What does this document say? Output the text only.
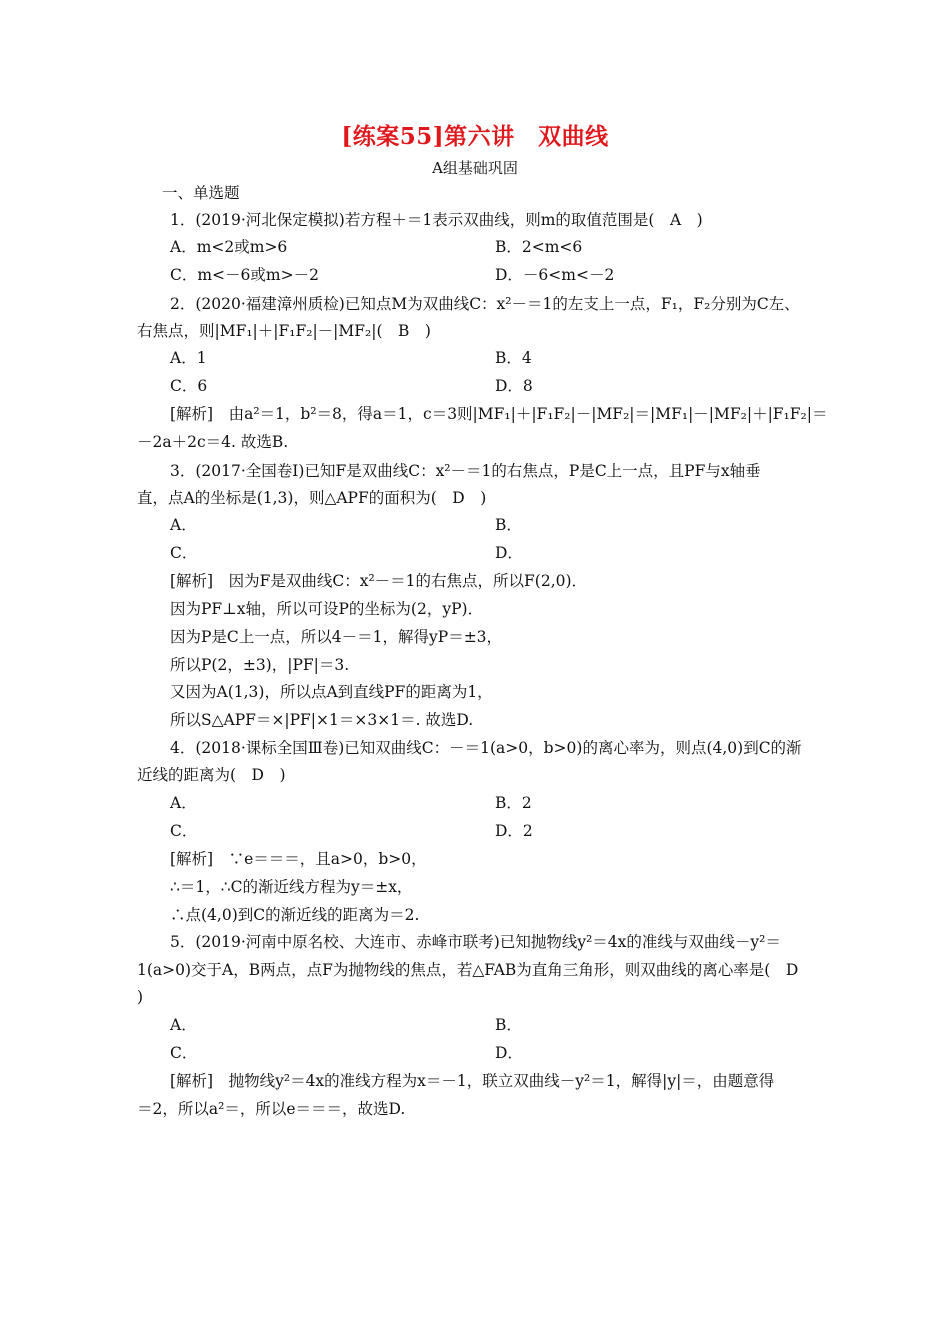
[练案55]第六讲　双曲线
A组基础巩固
一、单选题
1．(2019·河北保定模拟)若方程＋＝1表示双曲线，则m的取值范围是(　A　)
A．m<2或m>6	B．2<m<6
C．m<－6或m>－2	D．－6<m<－2
2．(2020·福建漳州质检)已知点M为双曲线C：x²－＝1的左支上一点，F₁，F₂分别为C左、
右焦点，则|MF₁|＋|F₁F₂|－|MF₂|(　B　)
A．1	B．4
C．6	D．8
[解析]　由a²＝1，b²＝8，得a＝1，c＝3则|MF₁|＋|F₁F₂|－|MF₂|＝|MF₁|－|MF₂|＋|F₁F₂|＝
－2a＋2c＝4. 故选B.
3．(2017·全国卷Ⅰ)已知F是双曲线C：x²－＝1的右焦点，P是C上一点，且PF与x轴垂
直，点A的坐标是(1,3)，则△APF的面积为(　D　)
A．	B．
C．	D．
[解析]　因为F是双曲线C：x²－＝1的右焦点，所以F(2,0)．
因为PF⊥x轴，所以可设P的坐标为(2，yP)．
因为P是C上一点，所以4－＝1，解得yP＝±3，
所以P(2，±3)，|PF|＝3.
又因为A(1,3)，所以点A到直线PF的距离为1，
所以S△APF＝×|PF|×1＝×3×1＝. 故选D.
4．(2018·课标全国Ⅲ卷)已知双曲线C：－＝1(a>0，b>0)的离心率为，则点(4,0)到C的渐
近线的距离为(　D　)
A．	B．2
C．	D．2
[解析]　∵e＝＝＝，且a>0，b>0，
∴＝1，∴C的渐近线方程为y＝±x，
∴点(4,0)到C的渐近线的距离为＝2.
5．(2019·河南中原名校、大连市、赤峰市联考)已知抛物线y²＝4x的准线与双曲线－y²＝
1(a>0)交于A，B两点，点F为抛物线的焦点，若△FAB为直角三角形，则双曲线的离心率是(　D
)
A．	B．
C．	D．
[解析]　抛物线y²＝4x的准线方程为x＝－1，联立双曲线－y²＝1，解得|y|＝，由题意得
＝2，所以a²＝，所以e＝＝＝，故选D.
